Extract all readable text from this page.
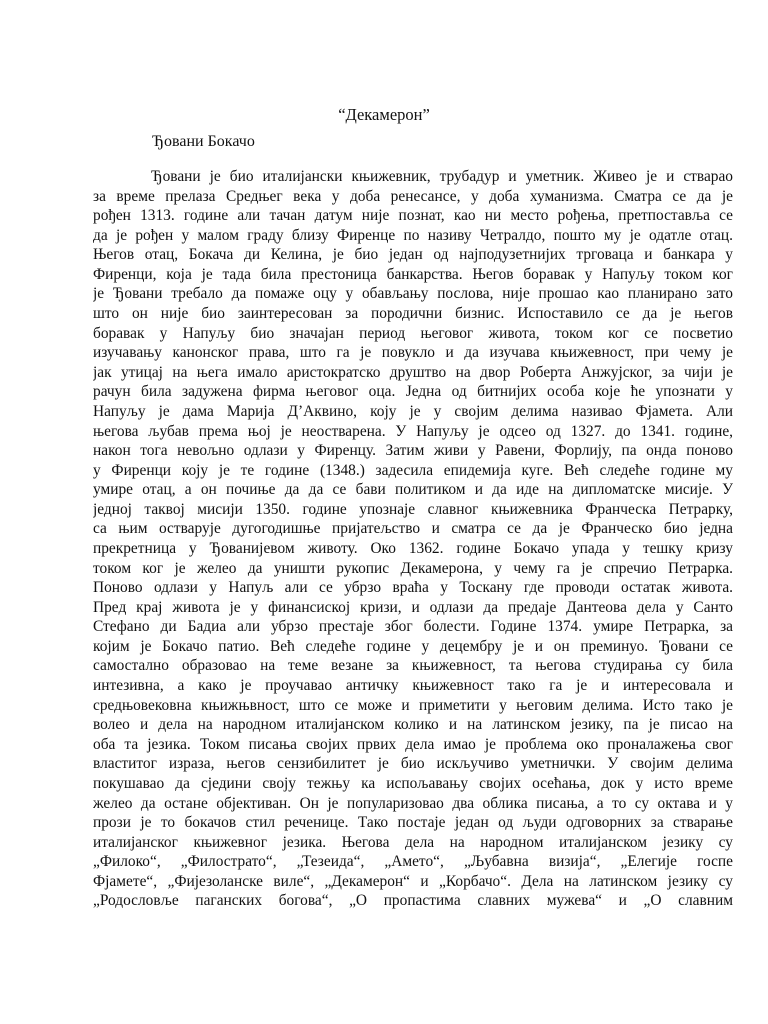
“Декамерон”
Ђовани Бокачо
Ђовани је био италијански књижевник, трубадур и уметник. Живео је и стварао
за време прелаза Средњег века у доба ренесансе, у доба хуманизма. Сматра се да је
рођен 1313. године али тачан датум није познат, као ни место рођења, претпоставља се
да је рођен у малом граду близу Фиренце по називу Четралдо, пошто му је одатле отац.
Његов отац, Бокача ди Келина, је био један од најподузетнијих трговаца и банкара у
Фиренци, која је тада била престоница банкарства. Његов боравак у Напуљу током ког
је Ђовани требало да помаже оцу у обављању послова, није прошао као планирано зато
што он није био заинтересован за породични бизнис. Испоставило се да је његов
боравак у Напуљу био значајан период његовог живота, током ког се посветио
изучавању канонског права, што га је повукло и да изучава књижевност, при чему је
јак утицај на њега имало аристократско друштво на двор Роберта Анжујског, за чији је
рачун била задужена фирма његовог оца. Једна од битнијих особа које ће упознати у
Напуљу је дама Марија Д’Аквино, коју је у својим делима називао Фјамета. Али
његова љубав према њој је неостварена. У Напуљу је одсео од 1327. до 1341. године,
након тога невољно одлази у Фиренцу. Затим живи у Равени, Форлију, па онда поново
у Фиренци коју је те године (1348.) задесила епидемија куге. Већ следеће године му
умире отац, а он почиње да да се бави политиком и да иде на дипломатске мисије. У
једној таквој мисији 1350. године упознаје славног књижевника Франческа Петрарку,
са њим остварује дугогодишње пријатељство и сматра се да је Франческо био једна
прекретница у Ђованијевом животу. Око 1362. године Бокачо упада у тешку кризу
током ког је желео да уништи рукопис Декамерона, у чему га је спречио Петрарка.
Поново одлази у Напуљ али се убрзо враћа у Тоскану где проводи остатак живота.
Пред крај живота је у финансиској кризи, и одлази да предаје Дантеова дела у Санто
Стефано ди Бадиа али убрзо престаје због болести. Године 1374. умире Петрарка, за
којим је Бокачо патио. Већ следеће године у децембру је и он преминуо. Ђовани се
самостално образовао на теме везане за књижевност, та његова студирања су била
интезивна, а како је проучавао античку књижевност тако га је и интересовала и
средњовековна књижњвност, што се може и приметити у његовим делима. Исто тако је
волео и дела на народном италијанском колико и на латинском језику, па је писао на
оба та језика. Током писања својих првих дела имао је проблема око проналажења свог
властитог израза, његов сензибилитет је био искључиво уметнички. У својим делима
покушавао да сједини своју тежњу ка испољавању својих осећања, док у исто време
желео да остане објективан. Он је популаризовао два облика писања, а то су октава и у
прози је то бокачов стил реченице. Тако постаје један од људи одговорних за стварање
италијанског књижевног језика. Његова дела на народном италијанском језику су
„Филоко“, „Филострато“, „Тезеида“, „Амето“, „Љубавна визија“, „Елегије госпе
Фјамете“, „Фијезоланске виле“, „Декамерон“ и „Корбачо“. Дела на латинском језику су
„Родословље паганских богова“, „О пропастима славних мужева“ и „О славним
